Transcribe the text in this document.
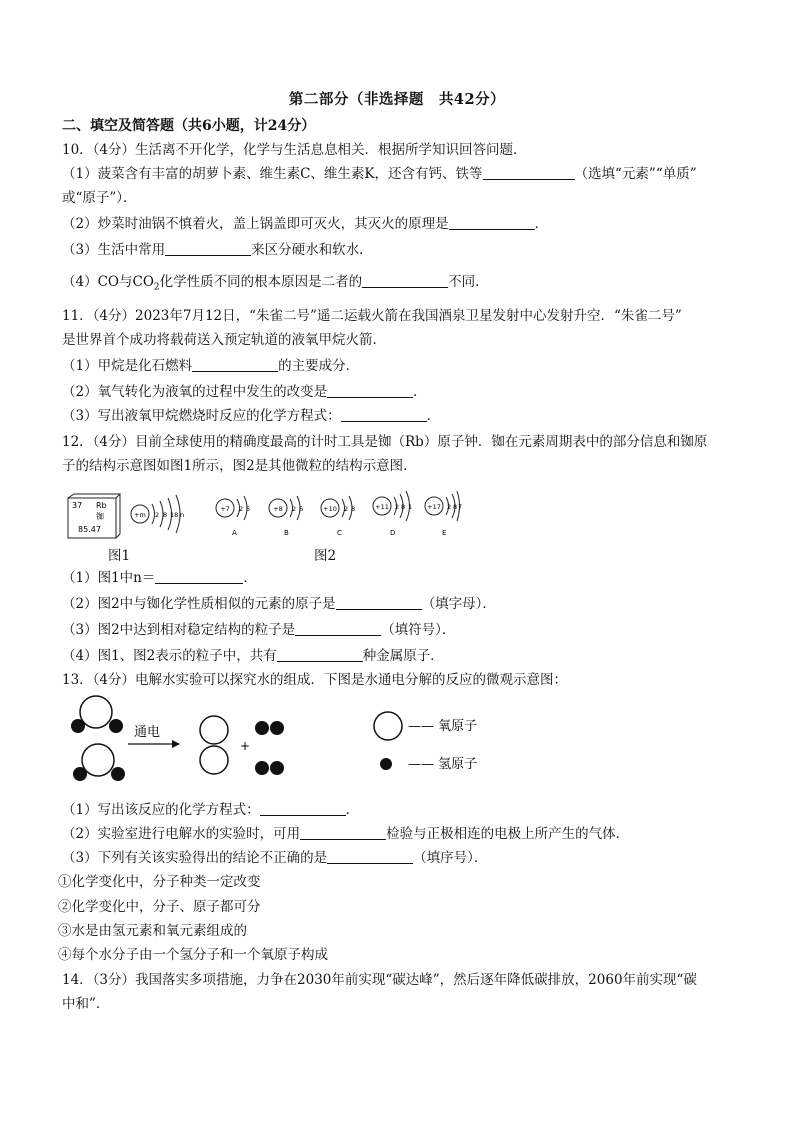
第二部分（非选择题　共42分）
二、填空及简答题（共6小题，计24分）
10．（4分）生活离不开化学，化学与生活息息相关．根据所学知识回答问题．
（1）菠菜含有丰富的胡萝卜素、维生素C、维生素K，还含有钙、铁等	（选填“元素”“单质”
或“原子”）．
（2）炒菜时油锅不慎着火，盖上锅盖即可灭火，其灭火的原理是	．
（3）生活中常用	来区分硬水和软水．
（4）CO与$CO_2$化学性质不同的根本原因是二者的	不同．
11．（4分）2023年7月12日，“朱雀二号”遥二运载火箭在我国酒泉卫星发射中心发射升空．“朱雀二号”
是世界首个成功将载荷送入预定轨道的液氧甲烷火箭．
（1）甲烷是化石燃料	的主要成分．
（2）氧气转化为液氧的过程中发生的改变是	．
（3）写出液氧甲烷燃烧时反应的化学方程式：	．
12．（4分）目前全球使用的精确度最高的计时工具是铷（Rb）原子钟．铷在元素周期表中的部分信息和铷原
子的结构示意图如图1所示，图2是其他微粒的结构示意图．
37 Rb
铷
85.47
+m 2 8 18 n
+7 2 5
A
+8 2 6
B
+10 2 8
C
+11 2 8 1
D
+17 2 8 7
E
图1	图2
（1）图1中n＝	．
（2）图2中与铷化学性质相似的元素的原子是	（填字母）．
（3）图2中达到相对稳定结构的粒子是	（填符号）．
（4）图1、图2表示的粒子中，共有	种金属原子．
13．（4分）电解水实验可以探究水的组成．下图是水通电分解的反应的微观示意图：
通电
+
—— 氧原子
—— 氢原子
（1）写出该反应的化学方程式：	．
（2）实验室进行电解水的实验时，可用	检验与正极相连的电极上所产生的气体．
（3）下列有关该实验得出的结论不正确的是	（填序号）．
①化学变化中，分子种类一定改变
②化学变化中，分子、原子都可分
③水是由氢元素和氧元素组成的
④每个水分子由一个氢分子和一个氧原子构成
14．（3分）我国落实多项措施，力争在2030年前实现“碳达峰”，然后逐年降低碳排放，2060年前实现“碳
中和”．
